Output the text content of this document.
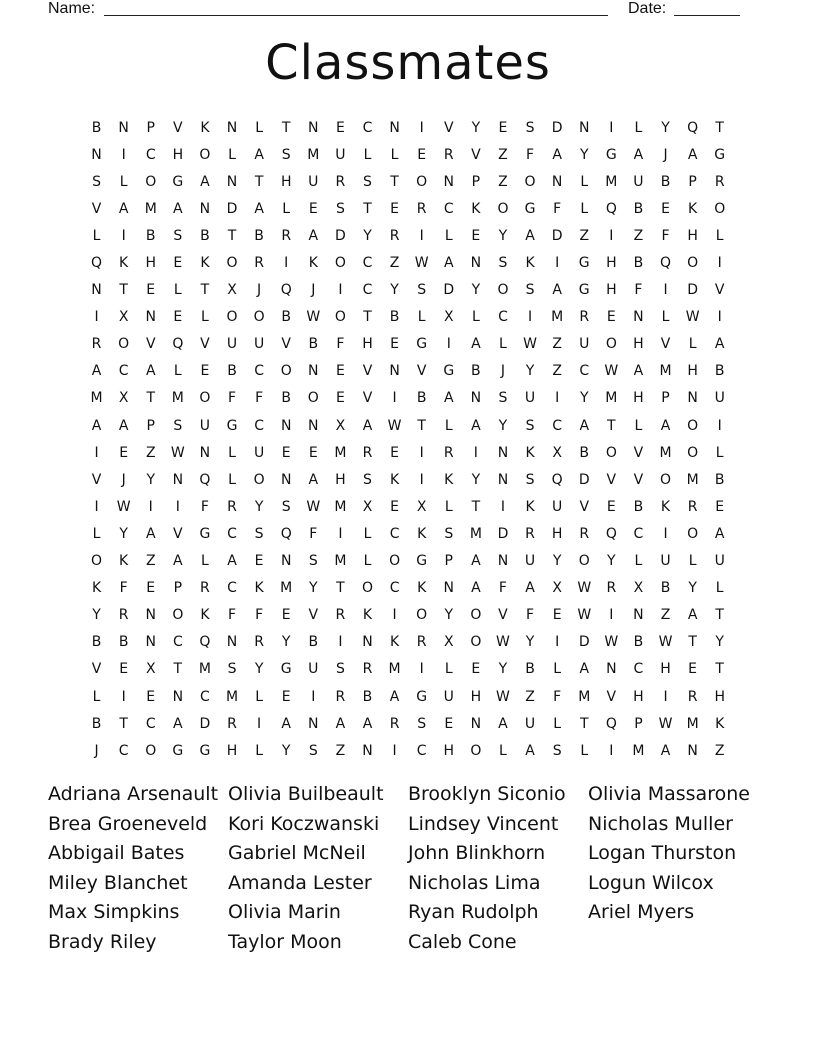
Name:	Date:
Classmates
B	N	P	V	K	N	L	T	N	E	C	N	I	V	Y	E	S	D	N	I	L	Y	Q	T
N	I	C	H	O	L	A	S	M	U	L	L	E	R	V	Z	F	A	Y	G	A	J	A	G
S	L	O	G	A	N	T	H	U	R	S	T	O	N	P	Z	O	N	L	M	U	B	P	R
V	A	M	A	N	D	A	L	E	S	T	E	R	C	K	O	G	F	L	Q	B	E	K	O
L	I	B	S	B	T	B	R	A	D	Y	R	I	L	E	Y	A	D	Z	I	Z	F	H	L
Q	K	H	E	K	O	R	I	K	O	C	Z	W	A	N	S	K	I	G	H	B	Q	O	I
N	T	E	L	T	X	J	Q	J	I	C	Y	S	D	Y	O	S	A	G	H	F	I	D	V
I	X	N	E	L	O	O	B	W	O	T	B	L	X	L	C	I	M	R	E	N	L	W	I
R	O	V	Q	V	U	U	V	B	F	H	E	G	I	A	L	W	Z	U	O	H	V	L	A
A	C	A	L	E	B	C	O	N	E	V	N	V	G	B	J	Y	Z	C	W	A	M	H	B
M	X	T	M	O	F	F	B	O	E	V	I	B	A	N	S	U	I	Y	M	H	P	N	U
A	A	P	S	U	G	C	N	N	X	A	W	T	L	A	Y	S	C	A	T	L	A	O	I
I	E	Z	W	N	L	U	E	E	M	R	E	I	R	I	N	K	X	B	O	V	M	O	L
V	J	Y	N	Q	L	O	N	A	H	S	K	I	K	Y	N	S	Q	D	V	V	O	M	B
I	W	I	I	F	R	Y	S	W	M	X	E	X	L	T	I	K	U	V	E	B	K	R	E
L	Y	A	V	G	C	S	Q	F	I	L	C	K	S	M	D	R	H	R	Q	C	I	O	A
O	K	Z	A	L	A	E	N	S	M	L	O	G	P	A	N	U	Y	O	Y	L	U	L	U
K	F	E	P	R	C	K	M	Y	T	O	C	K	N	A	F	A	X	W	R	X	B	Y	L
Y	R	N	O	K	F	F	E	V	R	K	I	O	Y	O	V	F	E	W	I	N	Z	A	T
B	B	N	C	Q	N	R	Y	B	I	N	K	R	X	O	W	Y	I	D	W	B	W	T	Y
V	E	X	T	M	S	Y	G	U	S	R	M	I	L	E	Y	B	L	A	N	C	H	E	T
L	I	E	N	C	M	L	E	I	R	B	A	G	U	H	W	Z	F	M	V	H	I	R	H
B	T	C	A	D	R	I	A	N	A	A	R	S	E	N	A	U	L	T	Q	P	W	M	K
J	C	O	G	G	H	L	Y	S	Z	N	I	C	H	O	L	A	S	L	I	M	A	N	Z
Adriana Arsenault
Brea Groeneveld
Abbigail Bates
Miley Blanchet
Max Simpkins
Brady Riley
Olivia Builbeault
Kori Koczwanski
Gabriel McNeil
Amanda Lester
Olivia Marin
Taylor Moon
Brooklyn Siconio
Lindsey Vincent
John Blinkhorn
Nicholas Lima
Ryan Rudolph
Caleb Cone
Olivia Massarone
Nicholas Muller
Logan Thurston
Logun Wilcox
Ariel Myers
